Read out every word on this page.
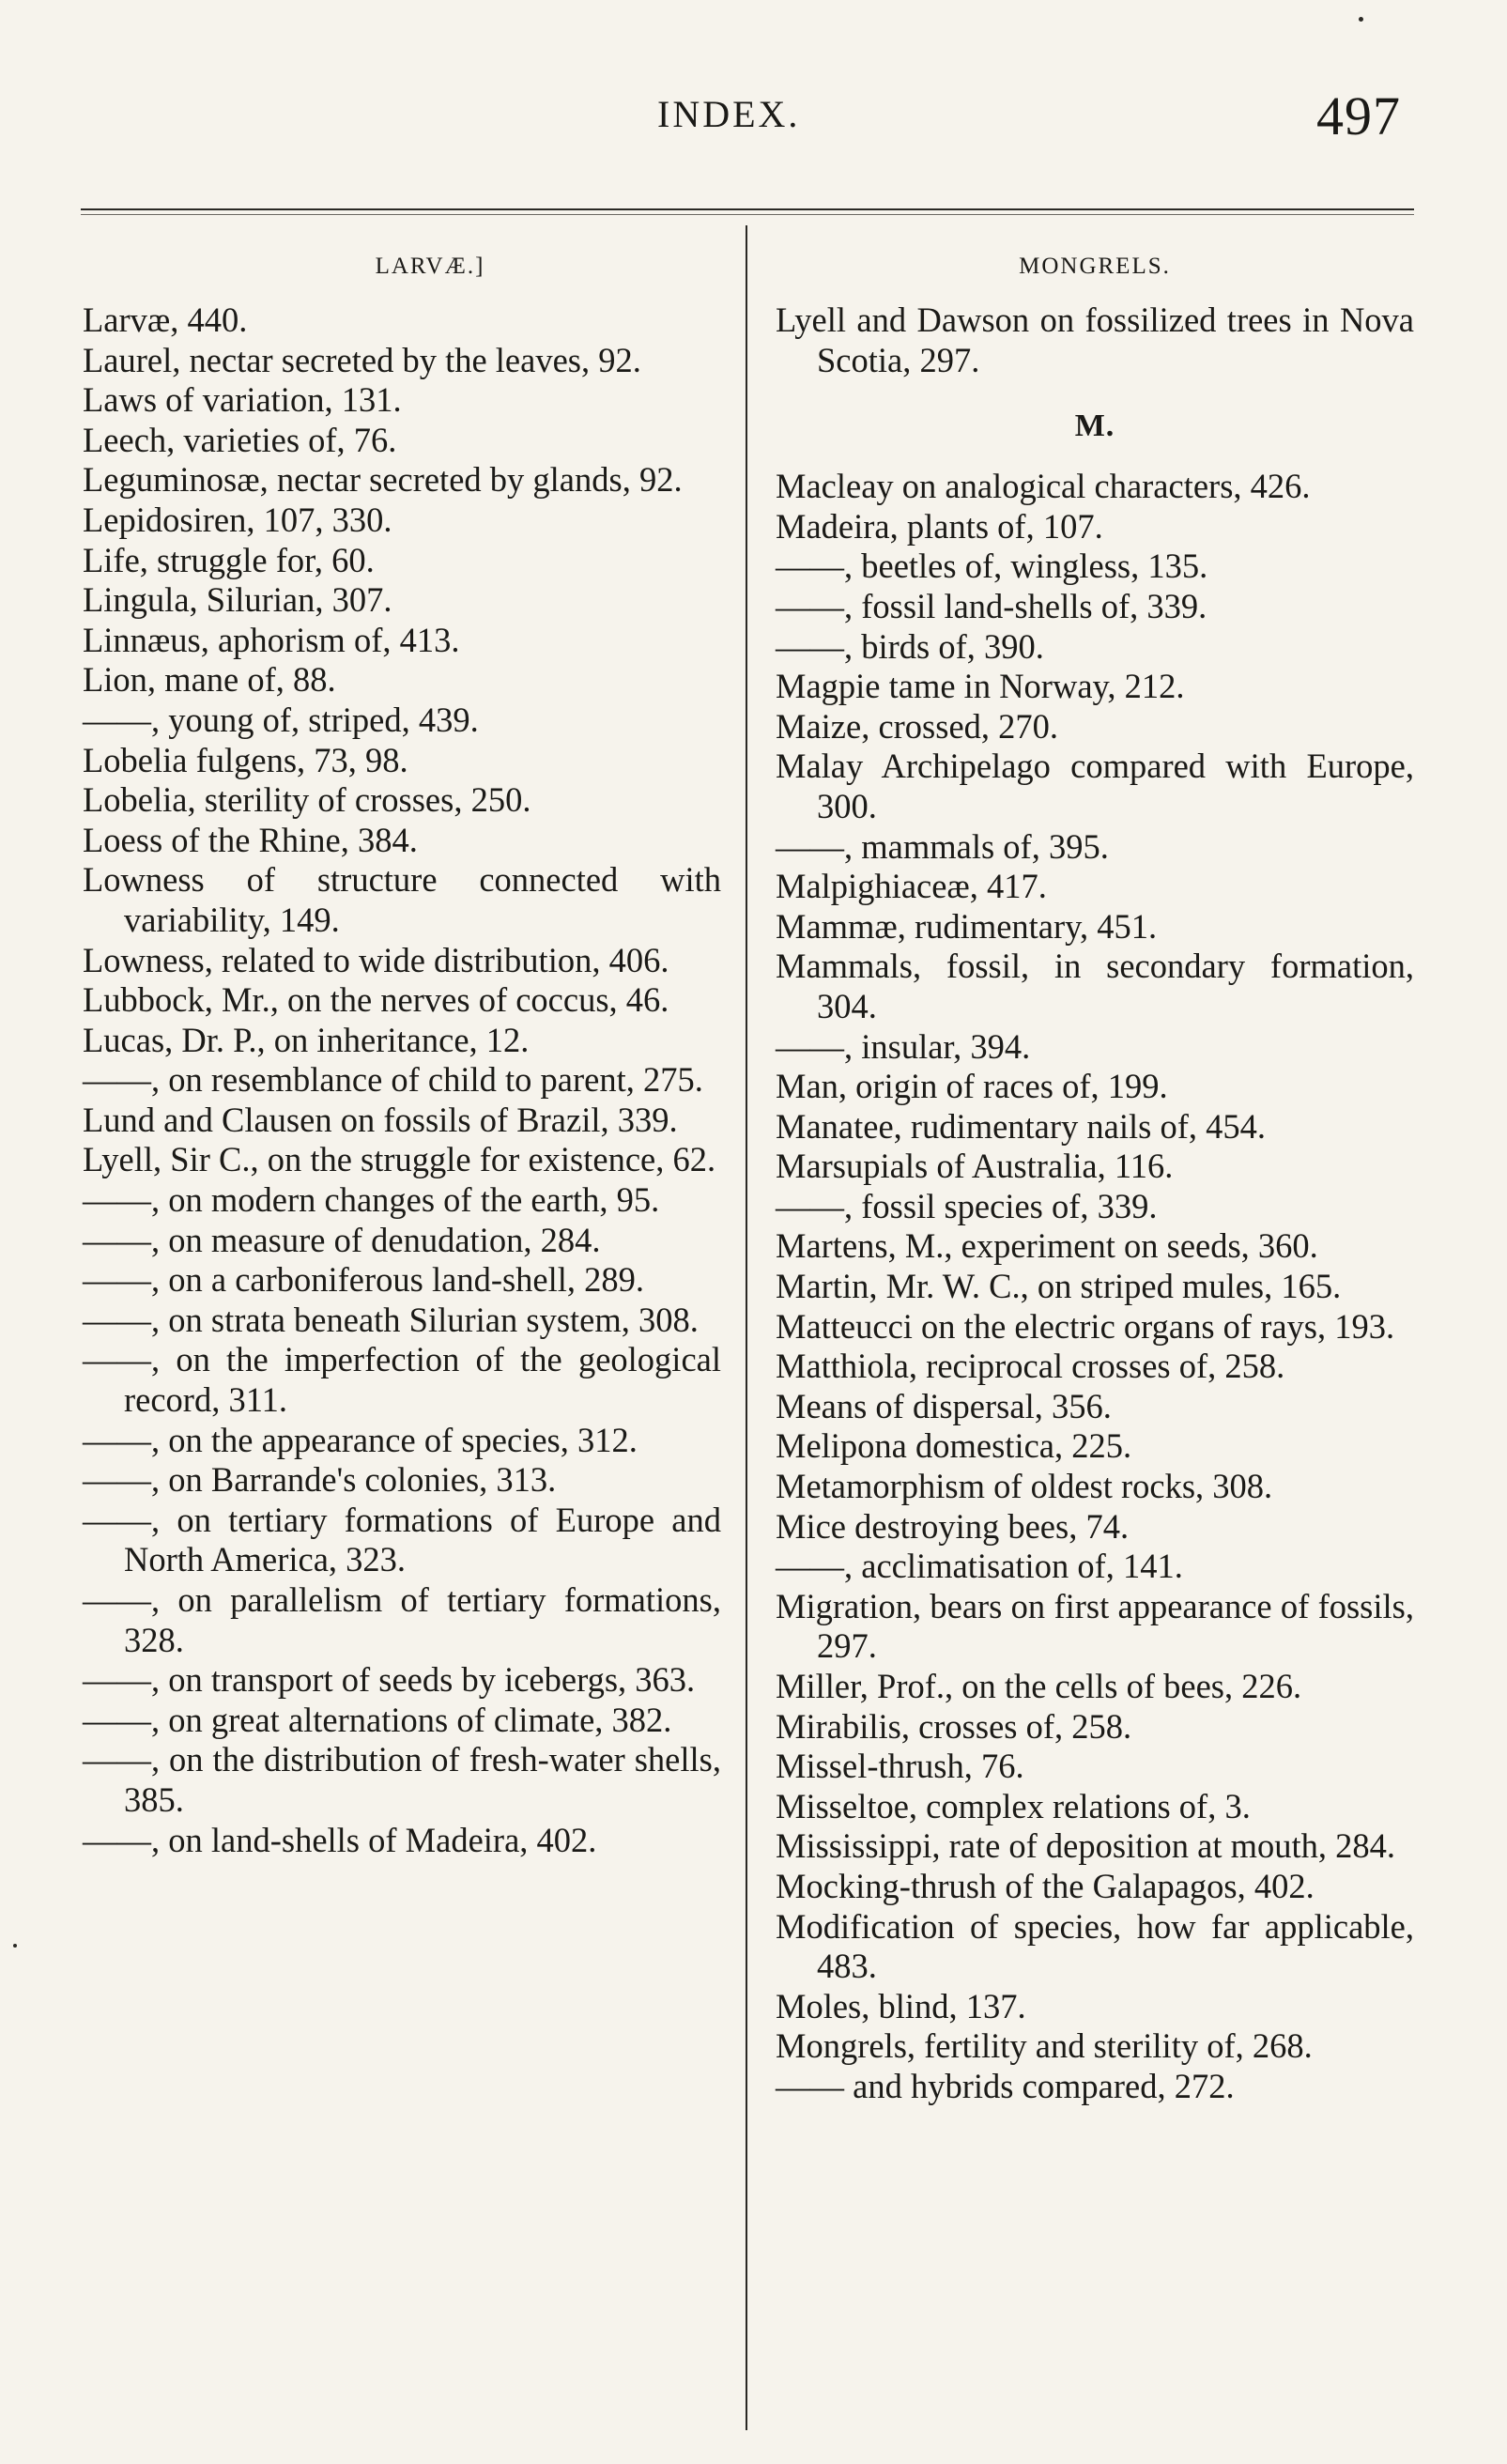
INDEX.	497
LARVÆ.]
Larvæ, 440.
Laurel, nectar secreted by the leaves, 92.
Laws of variation, 131.
Leech, varieties of, 76.
Leguminosæ, nectar secreted by glands, 92.
Lepidosiren, 107, 330.
Life, struggle for, 60.
Lingula, Silurian, 307.
Linnæus, aphorism of, 413.
Lion, mane of, 88.
——, young of, striped, 439.
Lobelia fulgens, 73, 98.
Lobelia, sterility of crosses, 250.
Loess of the Rhine, 384.
Lowness of structure connected with variability, 149.
Lowness, related to wide distribution, 406.
Lubbock, Mr., on the nerves of coccus, 46.
Lucas, Dr. P., on inheritance, 12.
——, on resemblance of child to parent, 275.
Lund and Clausen on fossils of Brazil, 339.
Lyell, Sir C., on the struggle for existence, 62.
——, on modern changes of the earth, 95.
——, on measure of denudation, 284.
——, on a carboniferous land-shell, 289.
——, on strata beneath Silurian system, 308.
——, on the imperfection of the geological record, 311.
——, on the appearance of species, 312.
——, on Barrande's colonies, 313.
——, on tertiary formations of Europe and North America, 323.
——, on parallelism of tertiary formations, 328.
——, on transport of seeds by icebergs, 363.
——, on great alternations of climate, 382.
——, on the distribution of fresh-water shells, 385.
——, on land-shells of Madeira, 402.
MONGRELS.
Lyell and Dawson on fossilized trees in Nova Scotia, 297.
M.
Macleay on analogical characters, 426.
Madeira, plants of, 107.
——, beetles of, wingless, 135.
——, fossil land-shells of, 339.
——, birds of, 390.
Magpie tame in Norway, 212.
Maize, crossed, 270.
Malay Archipelago compared with Europe, 300.
——, mammals of, 395.
Malpighiaceæ, 417.
Mammæ, rudimentary, 451.
Mammals, fossil, in secondary formation, 304.
——, insular, 394.
Man, origin of races of, 199.
Manatee, rudimentary nails of, 454.
Marsupials of Australia, 116.
——, fossil species of, 339.
Martens, M., experiment on seeds, 360.
Martin, Mr. W. C., on striped mules, 165.
Matteucci on the electric organs of rays, 193.
Matthiola, reciprocal crosses of, 258.
Means of dispersal, 356.
Melipona domestica, 225.
Metamorphism of oldest rocks, 308.
Mice destroying bees, 74.
——, acclimatisation of, 141.
Migration, bears on first appearance of fossils, 297.
Miller, Prof., on the cells of bees, 226.
Mirabilis, crosses of, 258.
Missel-thrush, 76.
Misseltoe, complex relations of, 3.
Mississippi, rate of deposition at mouth, 284.
Mocking-thrush of the Galapagos, 402.
Modification of species, how far applicable, 483.
Moles, blind, 137.
Mongrels, fertility and sterility of, 268.
—— and hybrids compared, 272.
